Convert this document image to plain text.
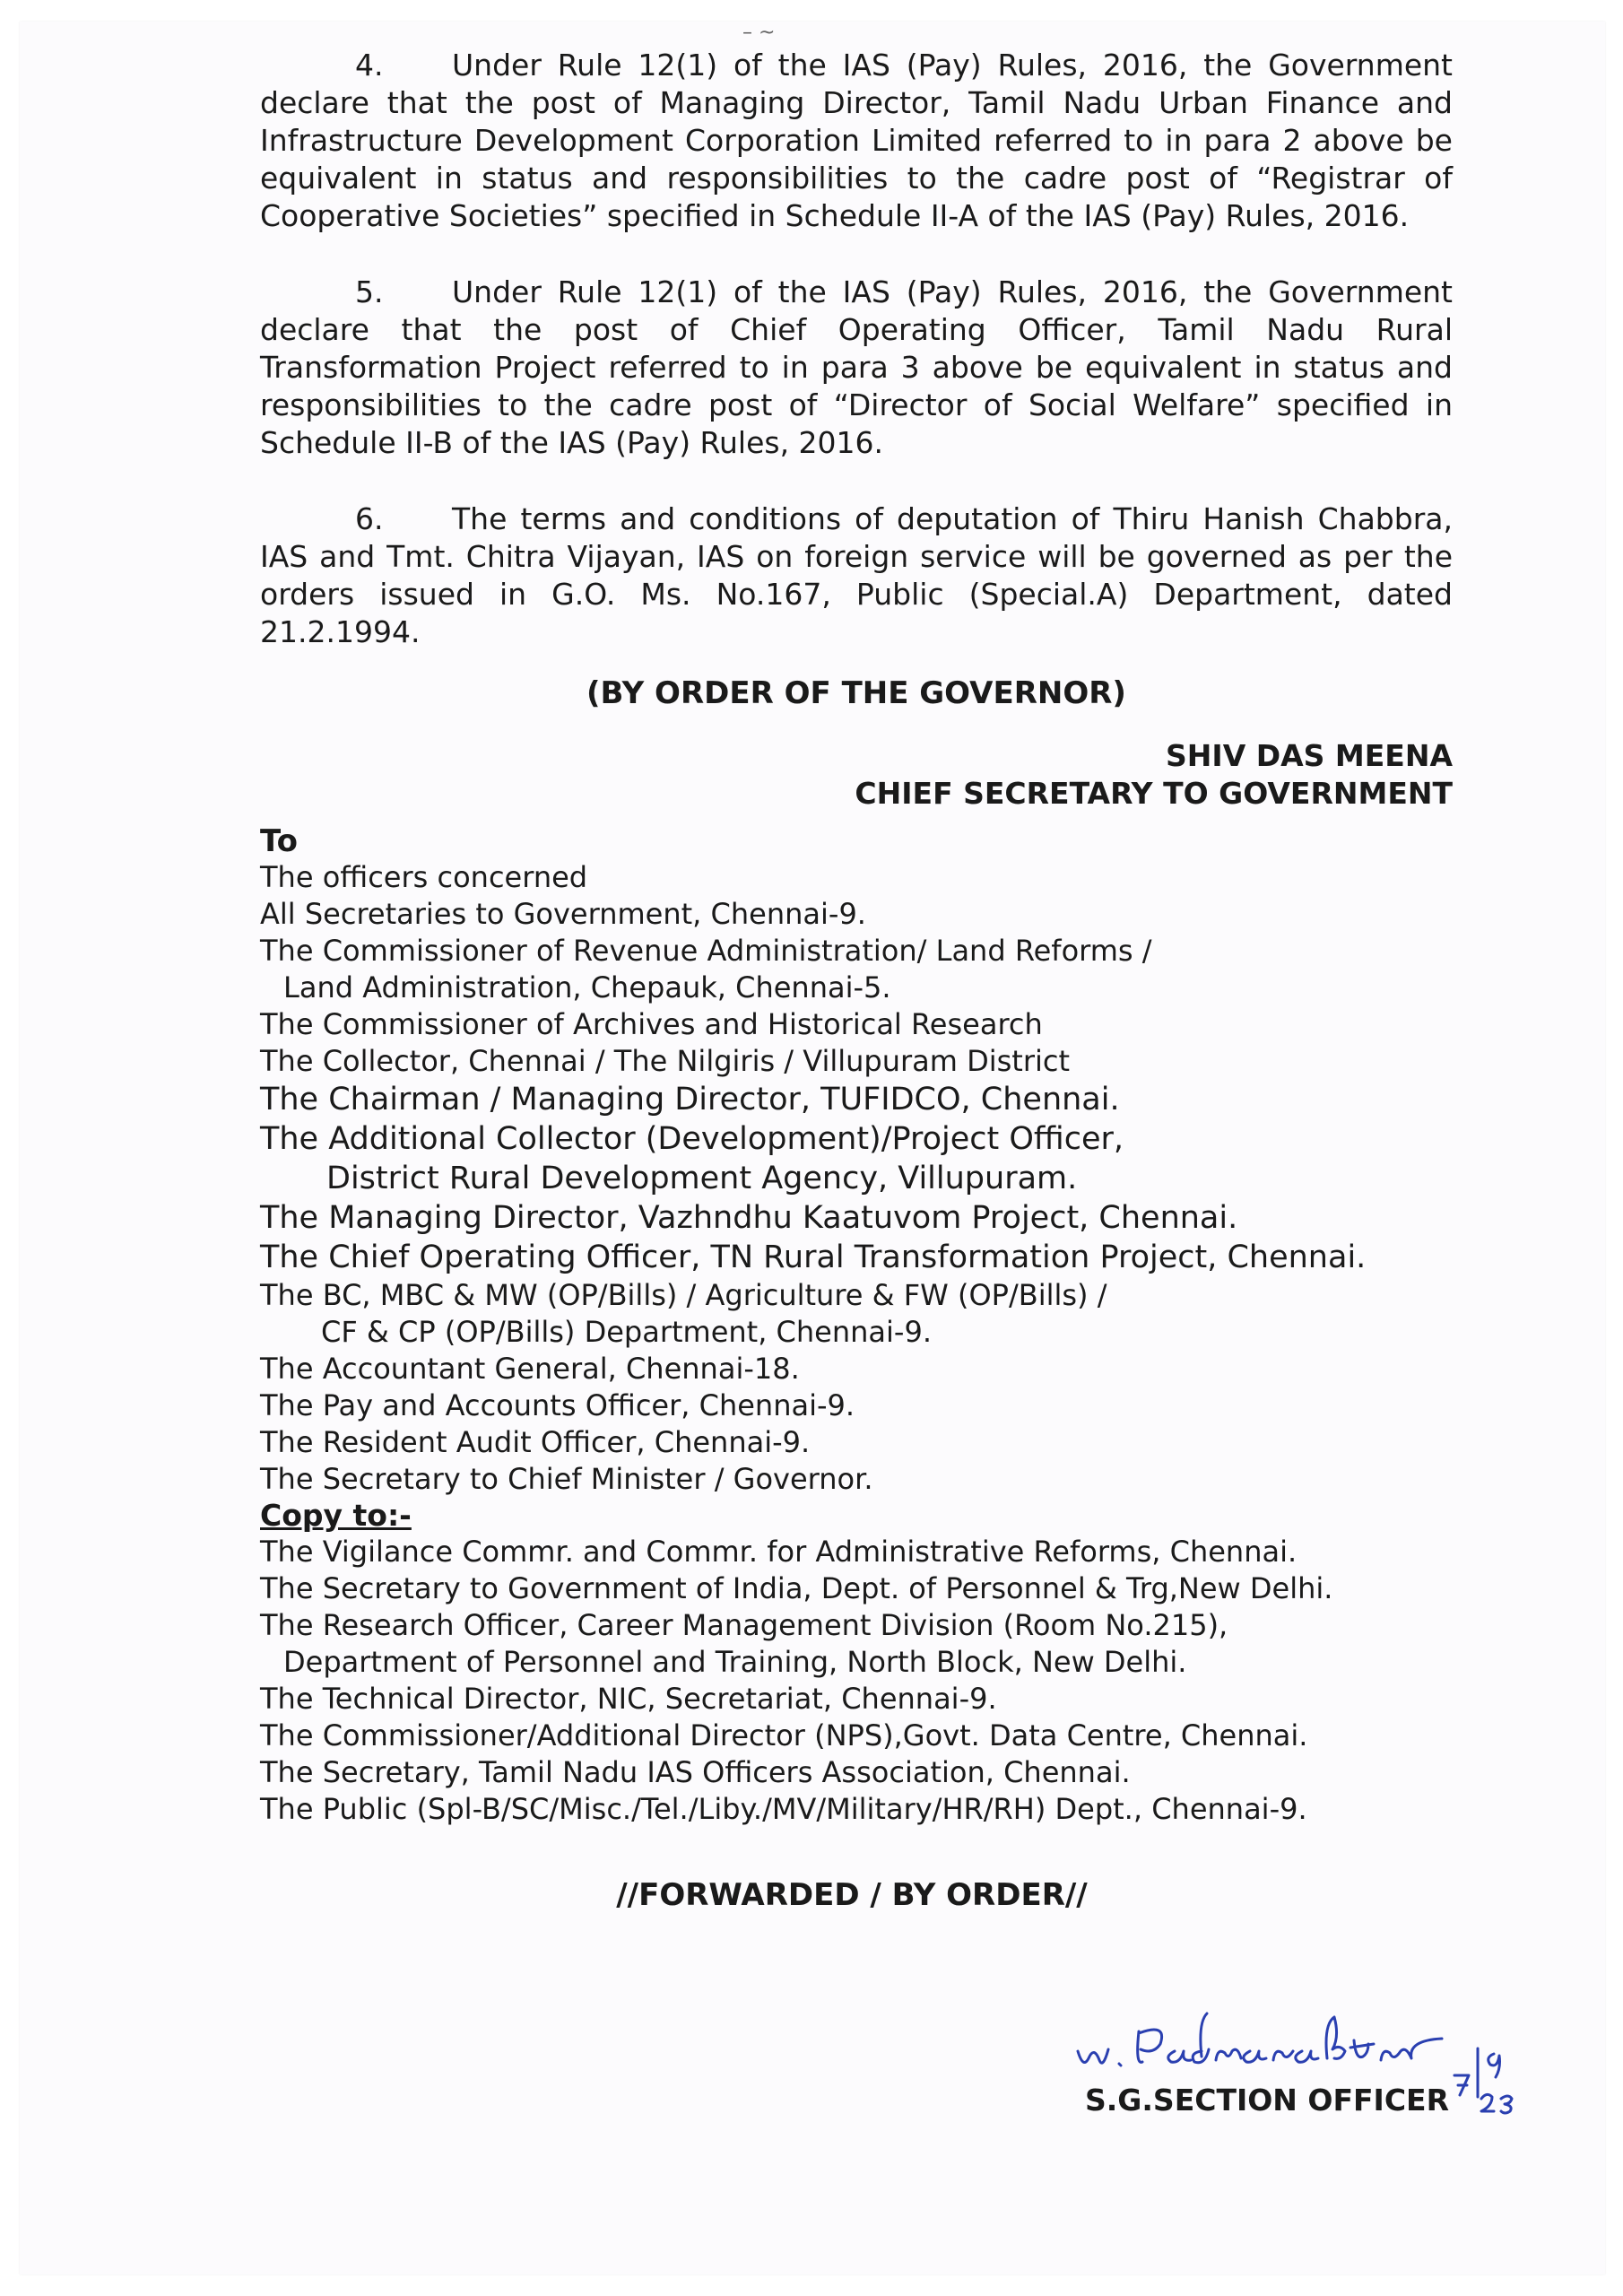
– ~

4. Under Rule 12(1) of the IAS (Pay) Rules, 2016, the Government declare that the post of Managing Director, Tamil Nadu Urban Finance and Infrastructure Development Corporation Limited referred to in para 2 above be equivalent in status and responsibilities to the cadre post of “Registrar of Cooperative Societies” specified in Schedule II-A of the IAS (Pay) Rules, 2016.

5. Under Rule 12(1) of the IAS (Pay) Rules, 2016, the Government declare that the post of Chief Operating Officer, Tamil Nadu Rural Transformation Project referred to in para 3 above be equivalent in status and responsibilities to the cadre post of “Director of Social Welfare” specified in Schedule II-B of the IAS (Pay) Rules, 2016.

6. The terms and conditions of deputation of Thiru Hanish Chabbra, IAS and Tmt. Chitra Vijayan, IAS on foreign service will be governed as per the orders issued in G.O. Ms. No.167, Public (Special.A) Department, dated 21.2.1994.

(BY ORDER OF THE GOVERNOR)
SHIV DAS MEENA
CHIEF SECRETARY TO GOVERNMENT
To
The officers concerned
All Secretaries to Government, Chennai-9.
The Commissioner of Revenue Administration/ Land Reforms /
Land Administration, Chepauk, Chennai-5.
The Commissioner of Archives and Historical Research
The Collector, Chennai / The Nilgiris / Villupuram District
The Chairman / Managing Director, TUFIDCO, Chennai.
The Additional Collector (Development)/Project Officer,
District Rural Development Agency, Villupuram.
The Managing Director, Vazhndhu Kaatuvom Project, Chennai.
The Chief Operating Officer, TN Rural Transformation Project, Chennai.
The BC, MBC & MW (OP/Bills) / Agriculture & FW (OP/Bills) /
CF & CP (OP/Bills) Department, Chennai-9.
The Accountant General, Chennai-18.
The Pay and Accounts Officer, Chennai-9.
The Resident Audit Officer, Chennai-9.
The Secretary to Chief Minister / Governor.
Copy to:-
The Vigilance Commr. and Commr. for Administrative Reforms, Chennai.
The Secretary to Government of India, Dept. of Personnel & Trg,New Delhi.
The Research Officer, Career Management Division (Room No.215),
Department of Personnel and Training, North Block, New Delhi.
The Technical Director, NIC, Secretariat, Chennai-9.
The Commissioner/Additional Director (NPS),Govt. Data Centre, Chennai.
The Secretary, Tamil Nadu IAS Officers Association, Chennai.
The Public (Spl-B/SC/Misc./Tel./Liby./MV/Military/HR/RH) Dept., Chennai-9.
//FORWARDED / BY ORDER//
S.G.SECTION OFFICER
